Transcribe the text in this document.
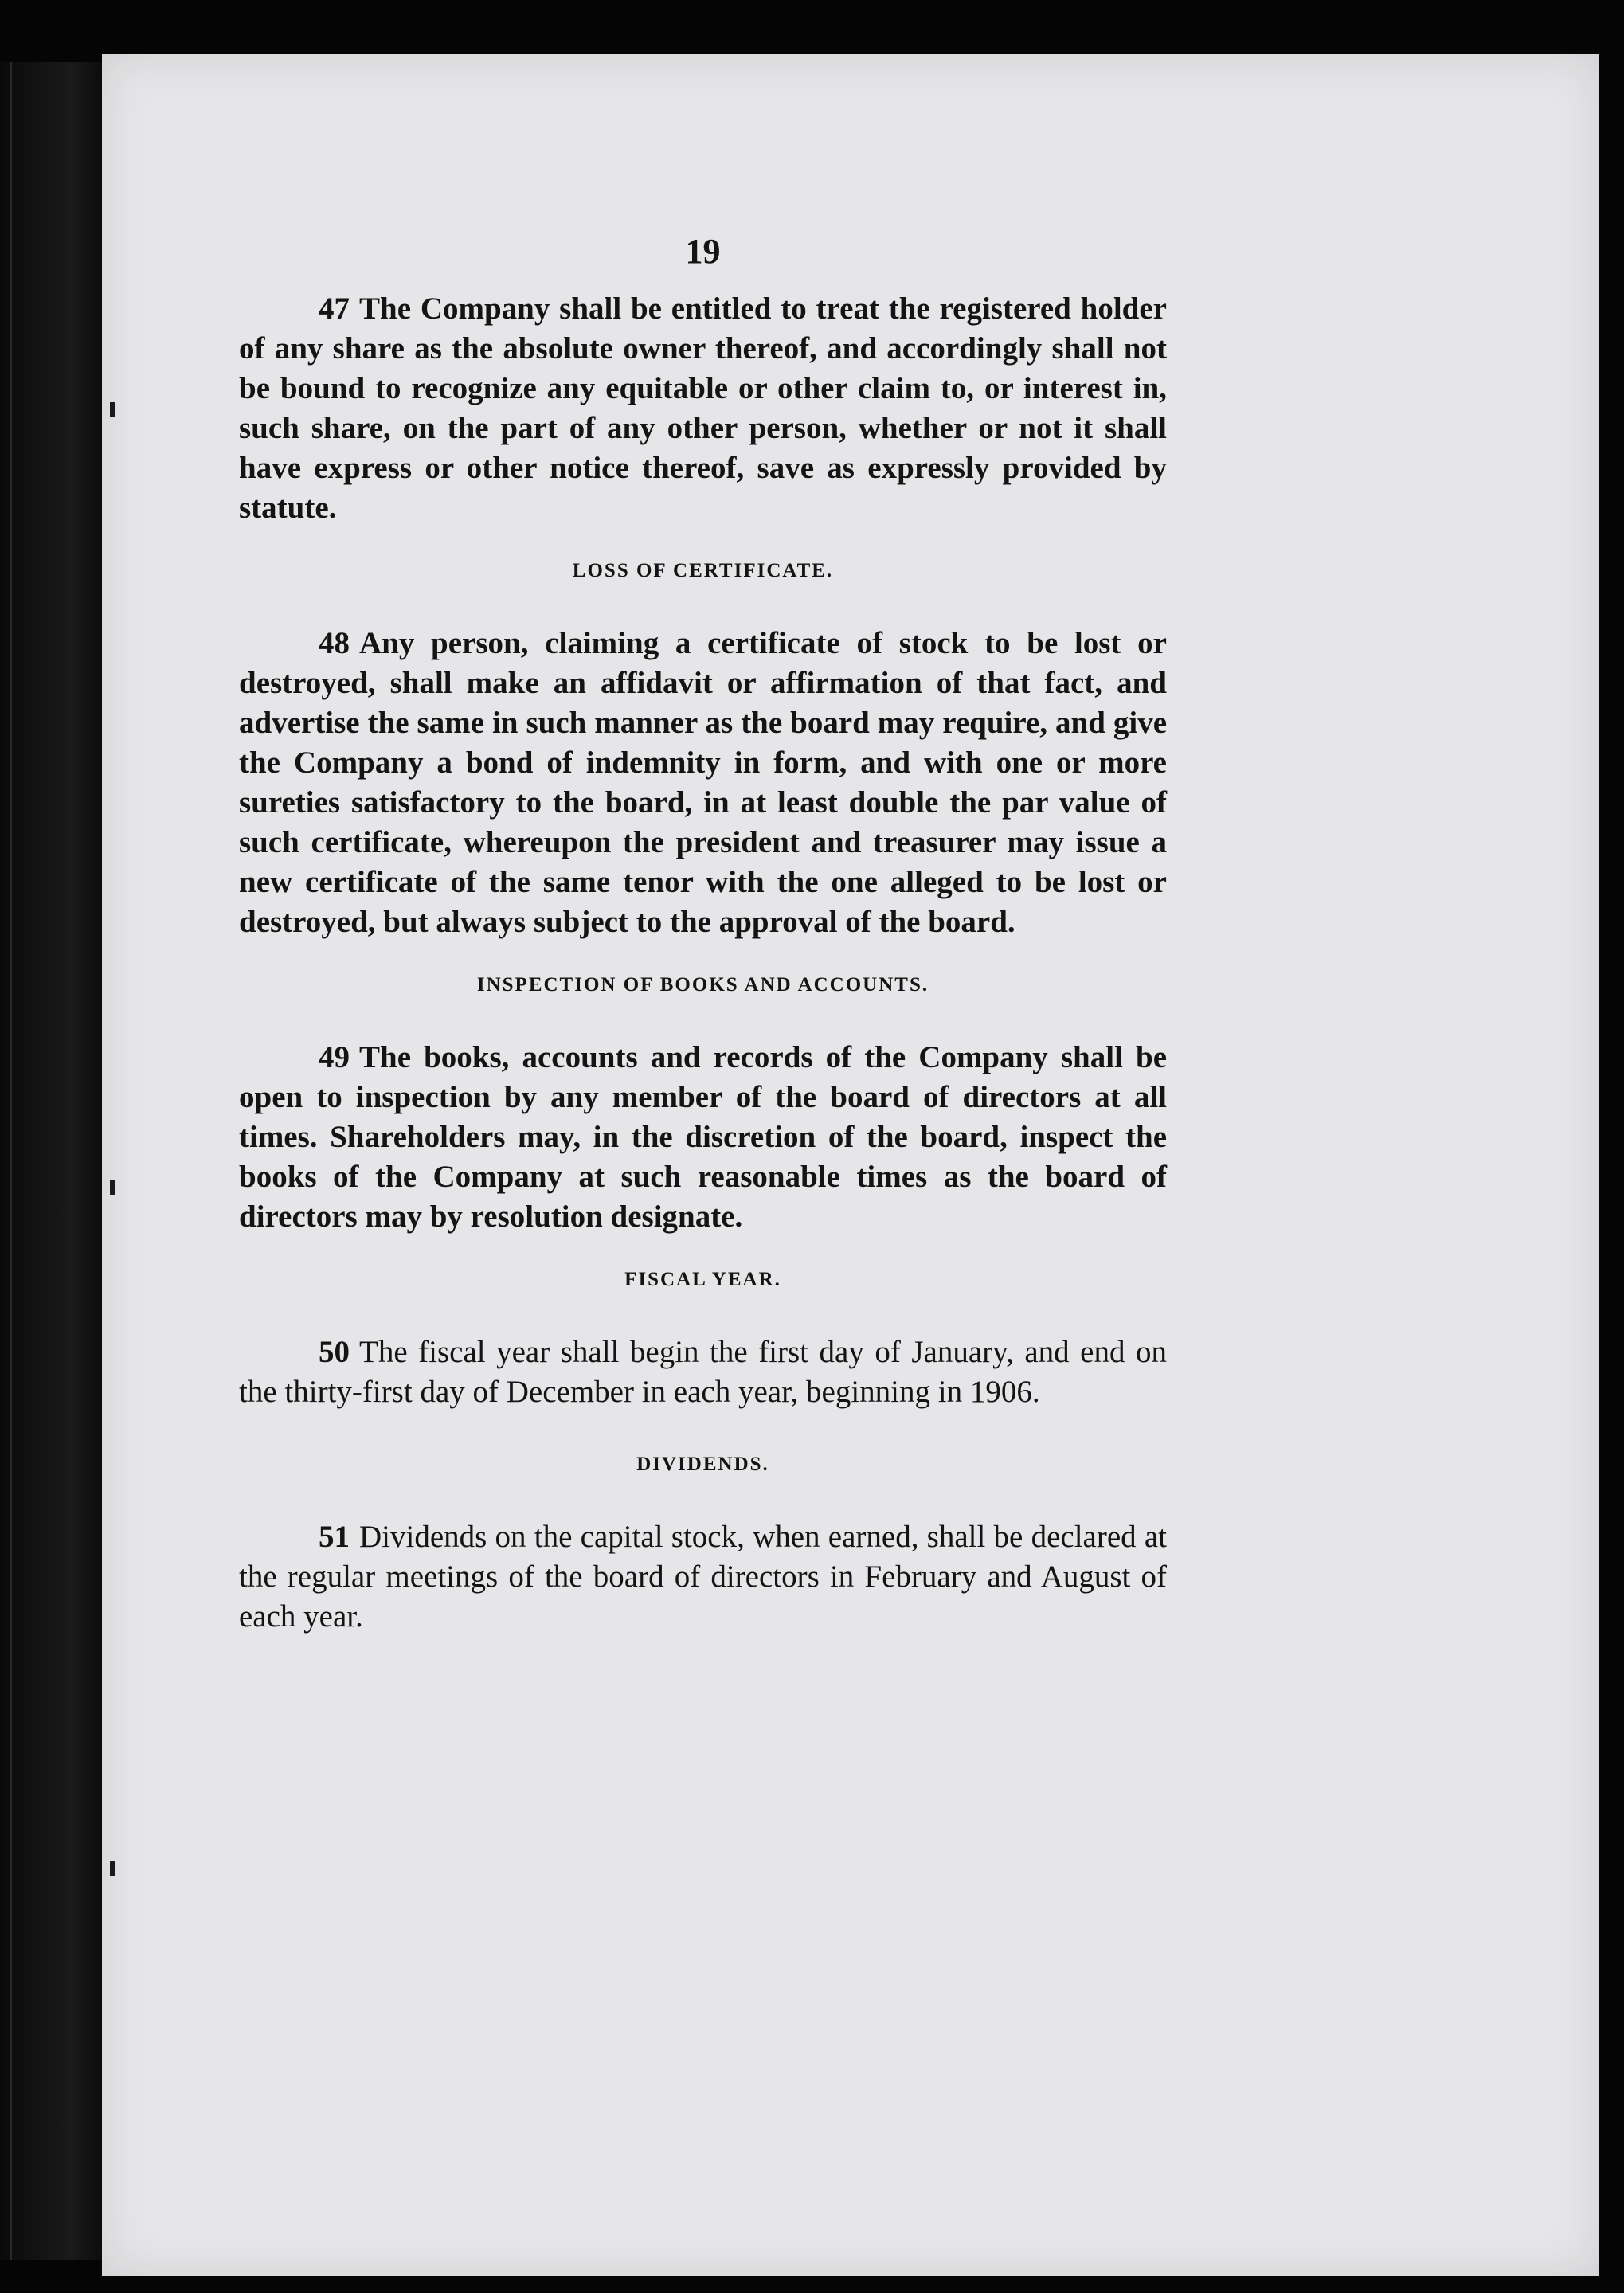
19

47 The Company shall be entitled to treat the registered holder of any share as the absolute owner thereof, and accordingly shall not be bound to recognize any equitable or other claim to, or interest in, such share, on the part of any other person, whether or not it shall have express or other notice thereof, save as expressly provided by statute.

LOSS OF CERTIFICATE.

48 Any person, claiming a certificate of stock to be lost or destroyed, shall make an affidavit or affirmation of that fact, and advertise the same in such manner as the board may require, and give the Company a bond of indemnity in form, and with one or more sureties satisfactory to the board, in at least double the par value of such certificate, whereupon the president and treasurer may issue a new certificate of the same tenor with the one alleged to be lost or destroyed, but always subject to the approval of the board.

INSPECTION OF BOOKS AND ACCOUNTS.

49 The books, accounts and records of the Company shall be open to inspection by any member of the board of directors at all times. Shareholders may, in the discretion of the board, inspect the books of the Company at such reasonable times as the board of directors may by resolution designate.

FISCAL YEAR.

50 The fiscal year shall begin the first day of January, and end on the thirty-first day of December in each year, beginning in 1906.

DIVIDENDS.

51 Dividends on the capital stock, when earned, shall be declared at the regular meetings of the board of directors in February and August of each year.
